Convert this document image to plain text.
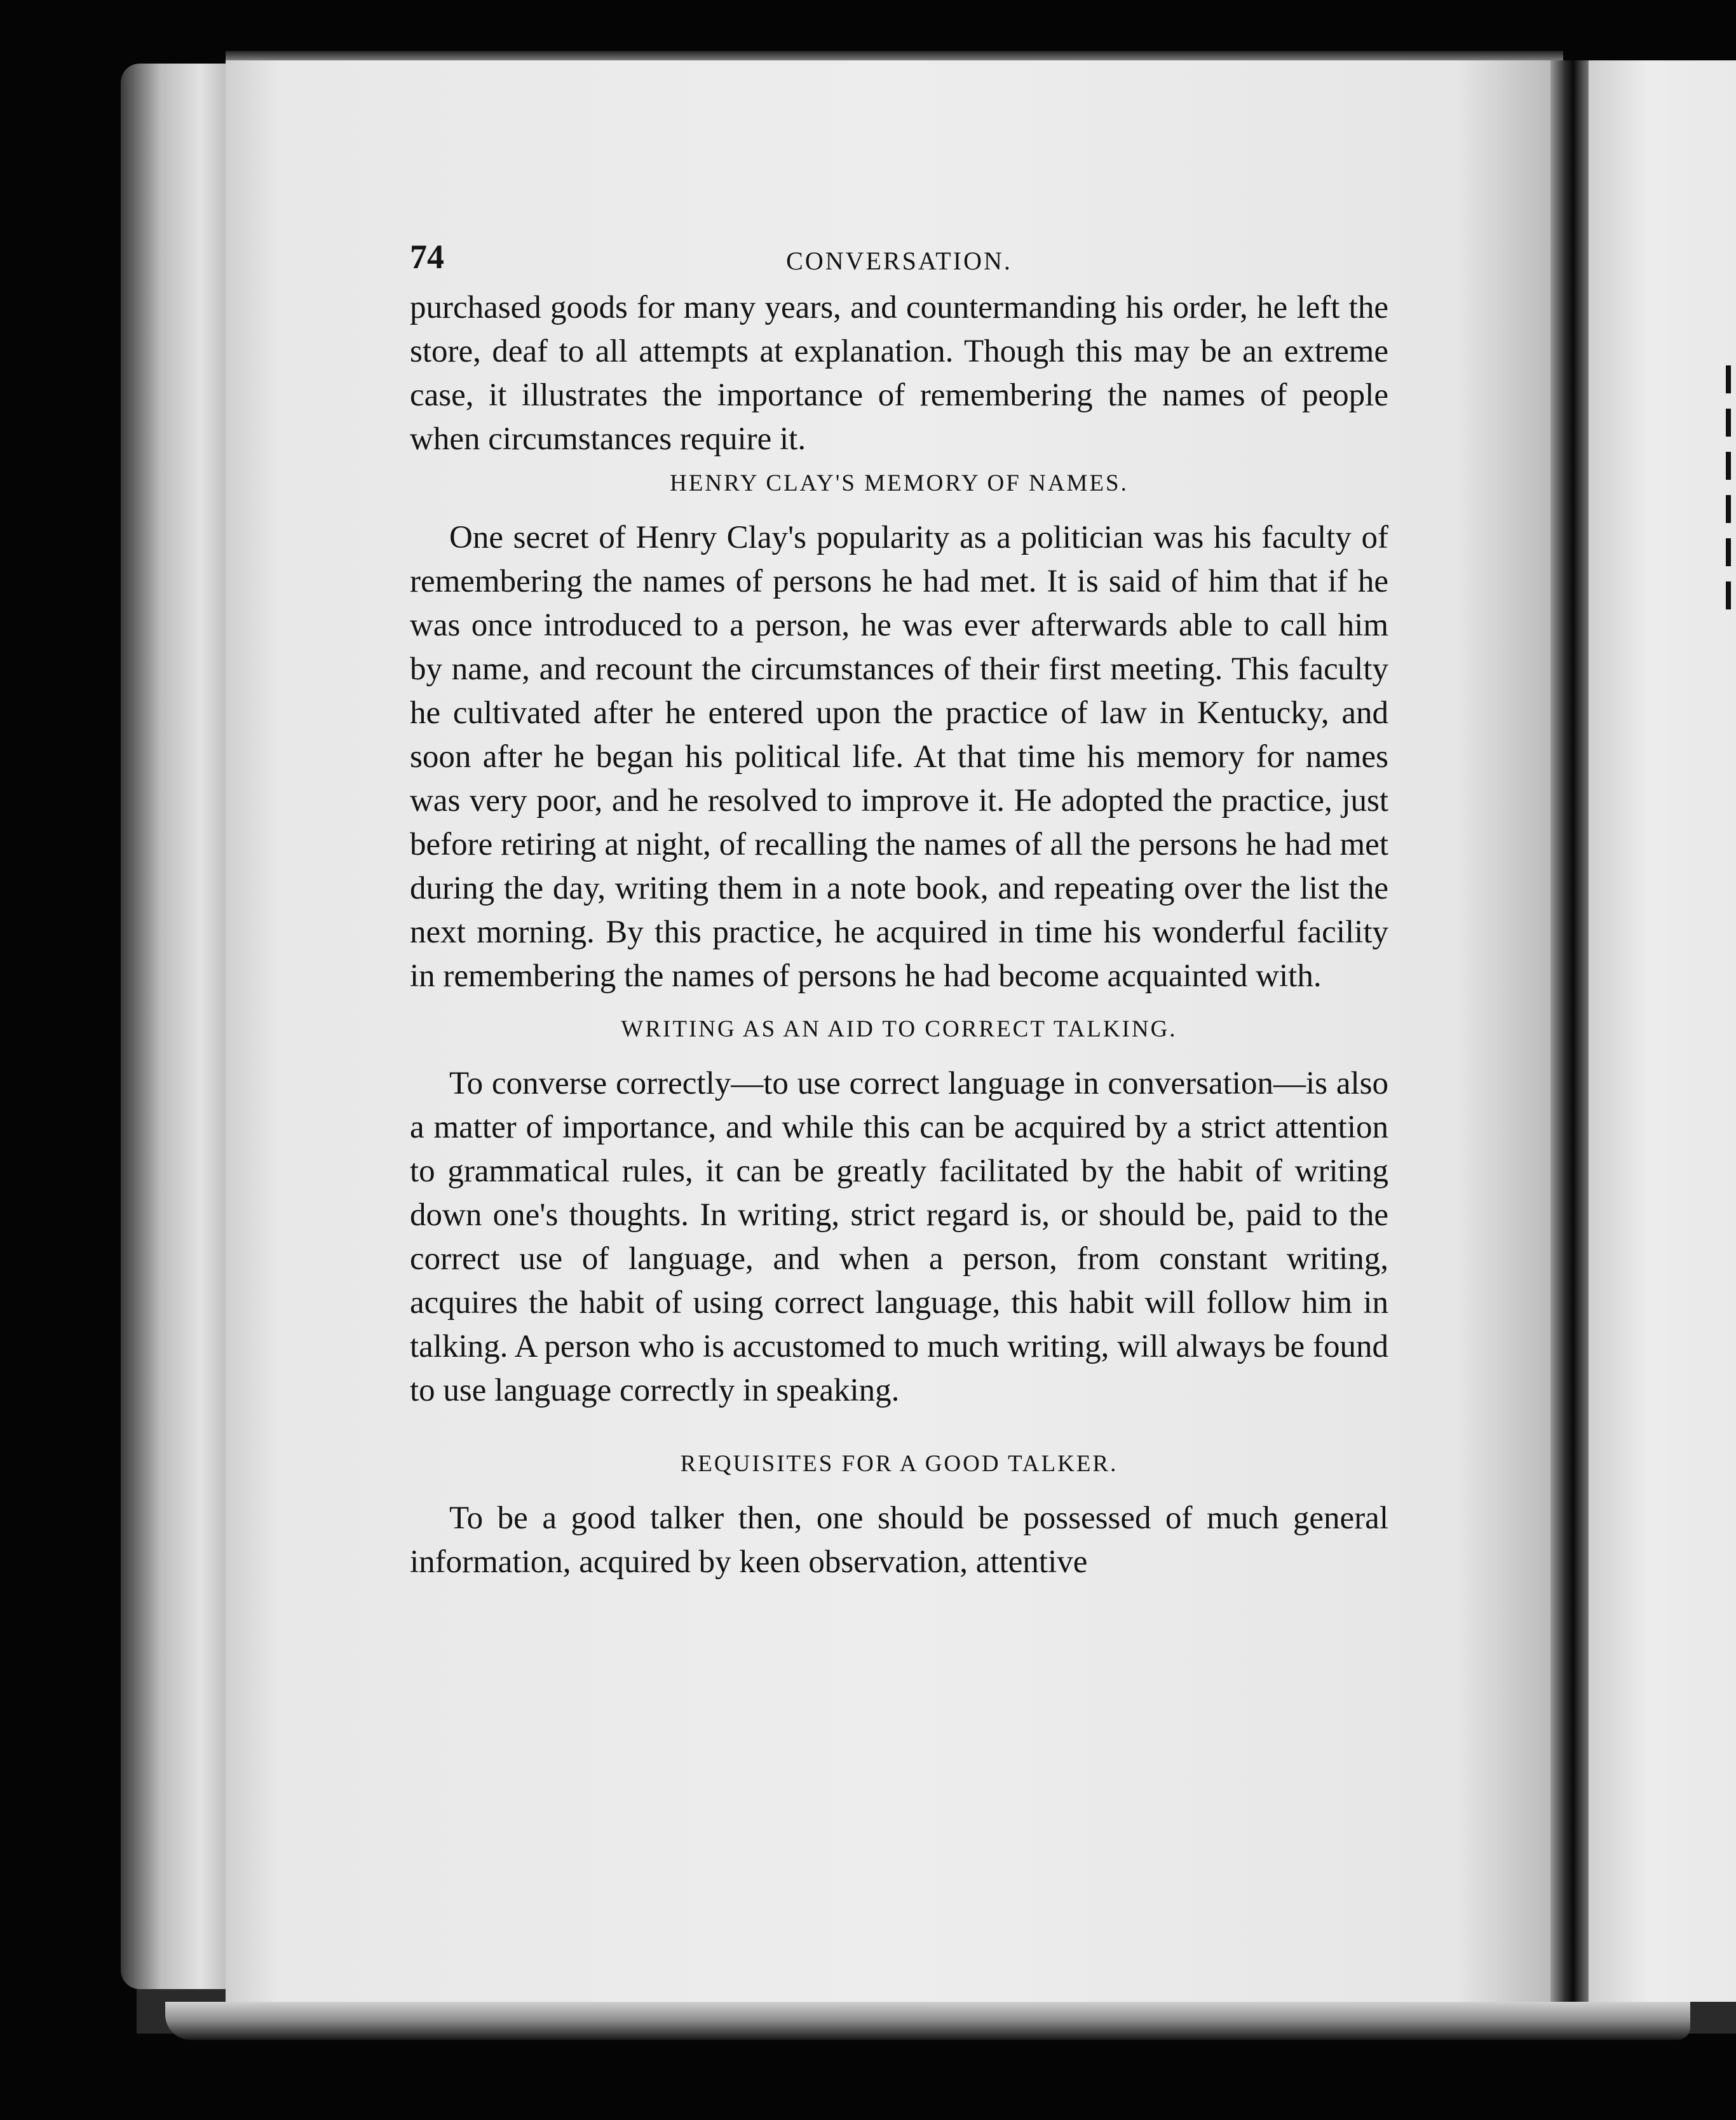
74	CONVERSATION.

purchased goods for many years, and countermanding his order, he left the store, deaf to all attempts at explanation. Though this may be an extreme case, it illustrates the importance of remembering the names of people when circumstances require it.

HENRY CLAY'S MEMORY OF NAMES.

One secret of Henry Clay's popularity as a politician was his faculty of remembering the names of persons he had met. It is said of him that if he was once introduced to a person, he was ever afterwards able to call him by name, and recount the circumstances of their first meeting. This faculty he cultivated after he entered upon the practice of law in Kentucky, and soon after he began his political life. At that time his memory for names was very poor, and he resolved to improve it. He adopted the practice, just before retiring at night, of recalling the names of all the persons he had met during the day, writing them in a note book, and repeating over the list the next morning. By this practice, he acquired in time his wonderful facility in remembering the names of persons he had become acquainted with.

WRITING AS AN AID TO CORRECT TALKING.

To converse correctly—to use correct language in conversation—is also a matter of importance, and while this can be acquired by a strict attention to grammatical rules, it can be greatly facilitated by the habit of writing down one's thoughts. In writing, strict regard is, or should be, paid to the correct use of language, and when a person, from constant writing, acquires the habit of using correct language, this habit will follow him in talking. A person who is accustomed to much writing, will always be found to use language correctly in speaking.

REQUISITES FOR A GOOD TALKER.

To be a good talker then, one should be possessed of much general information, acquired by keen observation, attentive
